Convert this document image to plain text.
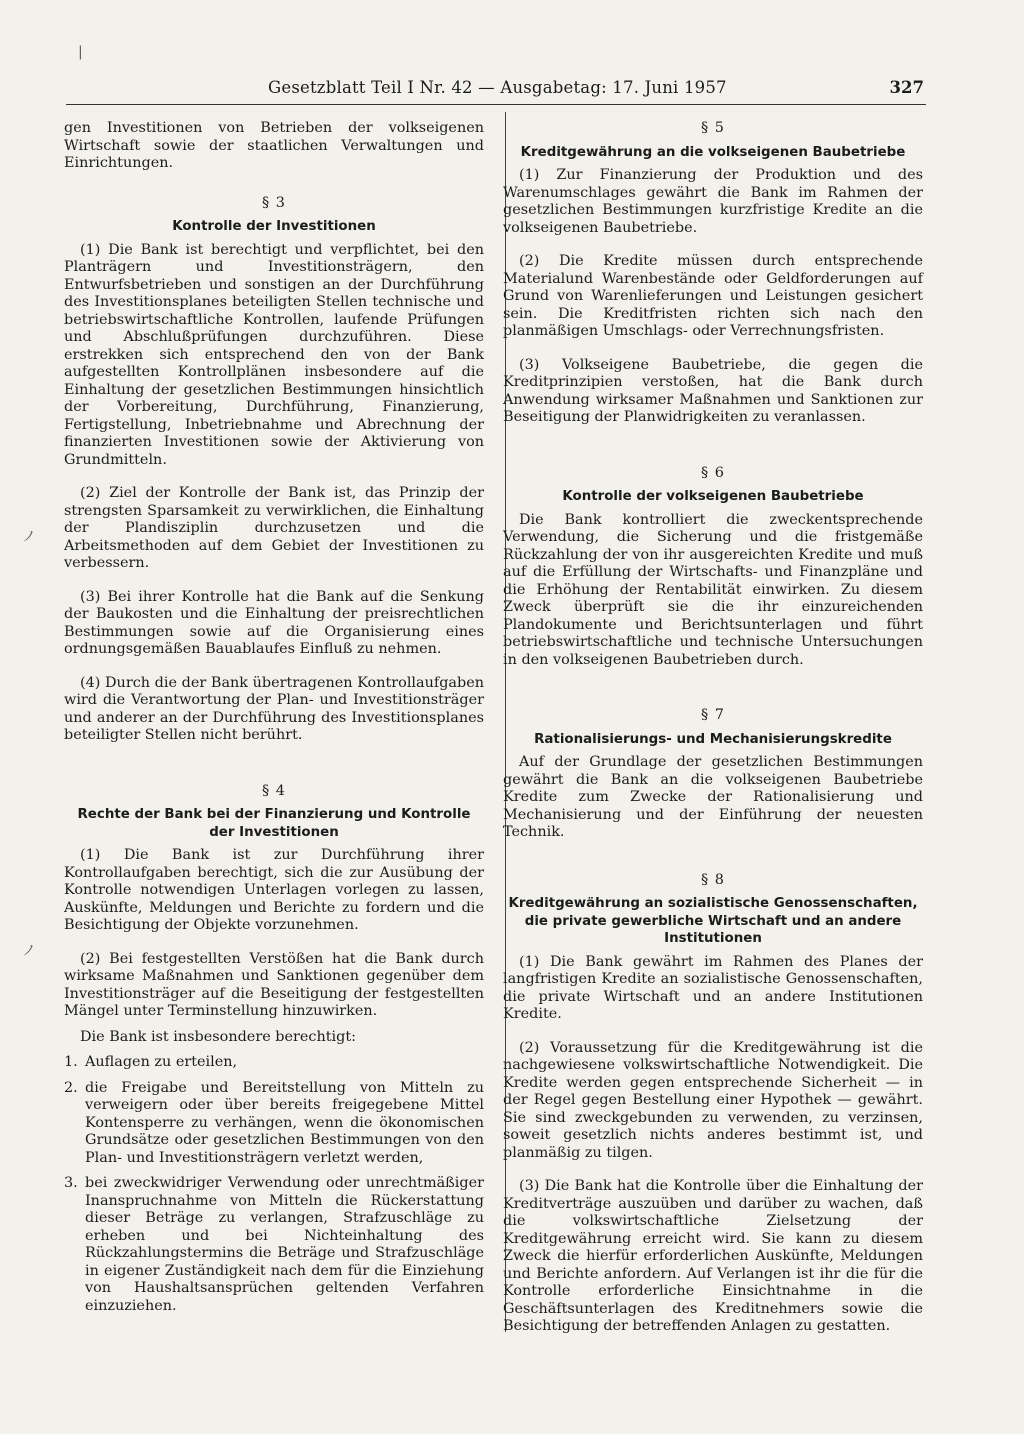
|
ノ
ノ
Gesetzblatt Teil I Nr. 42 — Ausgabetag: 17. Juni 1957	327

gen Investitionen von Betrieben der volkseigenen Wirtschaft sowie der staatlichen Verwaltungen und Einrichtungen.

§ 3
Kontrolle der Investitionen

(1) Die Bank ist berechtigt und verpflichtet, bei den Planträgern und Investitionsträgern, den Entwurfsbetrieben und sonstigen an der Durchführung des Investitionsplanes beteiligten Stellen technische und betriebswirtschaftliche Kontrollen, laufende Prüfungen und Abschlußprüfungen durchzuführen. Diese erstrekken sich entsprechend den von der Bank aufgestellten Kontrollplänen insbesondere auf die Einhaltung der gesetzlichen Bestimmungen hinsichtlich der Vorbereitung, Durchführung, Finanzierung, Fertigstellung, Inbetriebnahme und Abrechnung der finanzierten Investitionen sowie der Aktivierung von Grundmitteln.

(2) Ziel der Kontrolle der Bank ist, das Prinzip der strengsten Sparsamkeit zu verwirklichen, die Einhaltung der Plandisziplin durchzusetzen und die Arbeitsmethoden auf dem Gebiet der Investitionen zu verbessern.

(3) Bei ihrer Kontrolle hat die Bank auf die Senkung der Baukosten und die Einhaltung der preisrechtlichen Bestimmungen sowie auf die Organisierung eines ordnungsgemäßen Bauablaufes Einfluß zu nehmen.

(4) Durch die der Bank übertragenen Kontrollaufgaben wird die Verantwortung der Plan- und Investitionsträger und anderer an der Durchführung des Investitionsplanes beteiligter Stellen nicht berührt.

§ 4
Rechte der Bank bei der Finanzierung und Kontrolle der Investitionen

(1) Die Bank ist zur Durchführung ihrer Kontrollaufgaben berechtigt, sich die zur Ausübung der Kontrolle notwendigen Unterlagen vorlegen zu lassen, Auskünfte, Meldungen und Berichte zu fordern und die Besichtigung der Objekte vorzunehmen.

(2) Bei festgestellten Verstößen hat die Bank durch wirksame Maßnahmen und Sanktionen gegenüber dem Investitionsträger auf die Beseitigung der festgestellten Mängel unter Terminstellung hinzuwirken.

Die Bank ist insbesondere berechtigt:

1. Auflagen zu erteilen,
2. die Freigabe und Bereitstellung von Mitteln zu verweigern oder über bereits freigegebene Mittel Kontensperre zu verhängen, wenn die ökonomischen Grundsätze oder gesetzlichen Bestimmungen von den Plan- und Investitionsträgern verletzt werden,
3. bei zweckwidriger Verwendung oder unrechtmäßiger Inanspruchnahme von Mitteln die Rückerstattung dieser Beträge zu verlangen, Strafzuschläge zu erheben und bei Nichteinhaltung des Rückzahlungstermins die Beträge und Strafzuschläge in eigener Zuständigkeit nach dem für die Einziehung von Haushaltsansprüchen geltenden Verfahren einzuziehen.
§ 5
Kreditgewährung an die volkseigenen Baubetriebe

(1) Zur Finanzierung der Produktion und des Warenumschlages gewährt die Bank im Rahmen der gesetzlichen Bestimmungen kurzfristige Kredite an die volkseigenen Baubetriebe.

(2) Die Kredite müssen durch entsprechende Materialund Warenbestände oder Geldforderungen auf Grund von Warenlieferungen und Leistungen gesichert sein. Die Kreditfristen richten sich nach den planmäßigen Umschlags- oder Verrechnungsfristen.

(3) Volkseigene Baubetriebe, die gegen die Kreditprinzipien verstoßen, hat die Bank durch Anwendung wirksamer Maßnahmen und Sanktionen zur Beseitigung der Planwidrigkeiten zu veranlassen.

§ 6
Kontrolle der volkseigenen Baubetriebe

Die Bank kontrolliert die zweckentsprechende Verwendung, die Sicherung und die fristgemäße Rückzahlung der von ihr ausgereichten Kredite und muß auf die Erfüllung der Wirtschafts- und Finanzpläne und die Erhöhung der Rentabilität einwirken. Zu diesem Zweck überprüft sie die ihr einzureichenden Plandokumente und Berichtsunterlagen und führt betriebswirtschaftliche und technische Untersuchungen in den volkseigenen Baubetrieben durch.

§ 7
Rationalisierungs- und Mechanisierungskredite

Auf der Grundlage der gesetzlichen Bestimmungen gewährt die Bank an die volkseigenen Baubetriebe Kredite zum Zwecke der Rationalisierung und Mechanisierung und der Einführung der neuesten Technik.

§ 8
Kreditgewährung an sozialistische Genossenschaften, die private gewerbliche Wirtschaft und an andere Institutionen

(1) Die Bank gewährt im Rahmen des Planes der langfristigen Kredite an sozialistische Genossenschaften, die private Wirtschaft und an andere Institutionen Kredite.

(2) Voraussetzung für die Kreditgewährung ist die nachgewiesene volkswirtschaftliche Notwendigkeit. Die Kredite werden gegen entsprechende Sicherheit — in der Regel gegen Bestellung einer Hypothek — gewährt. Sie sind zweckgebunden zu verwenden, zu verzinsen, soweit gesetzlich nichts anderes bestimmt ist, und planmäßig zu tilgen.

(3) Die Bank hat die Kontrolle über die Einhaltung der Kreditverträge auszuüben und darüber zu wachen, daß die volkswirtschaftliche Zielsetzung der Kreditgewährung erreicht wird. Sie kann zu diesem Zweck die hierfür erforderlichen Auskünfte, Meldungen und Berichte anfordern. Auf Verlangen ist ihr die für die Kontrolle erforderliche Einsichtnahme in die Geschäftsunterlagen des Kreditnehmers sowie die Besichtigung der betreffenden Anlagen zu gestatten.
